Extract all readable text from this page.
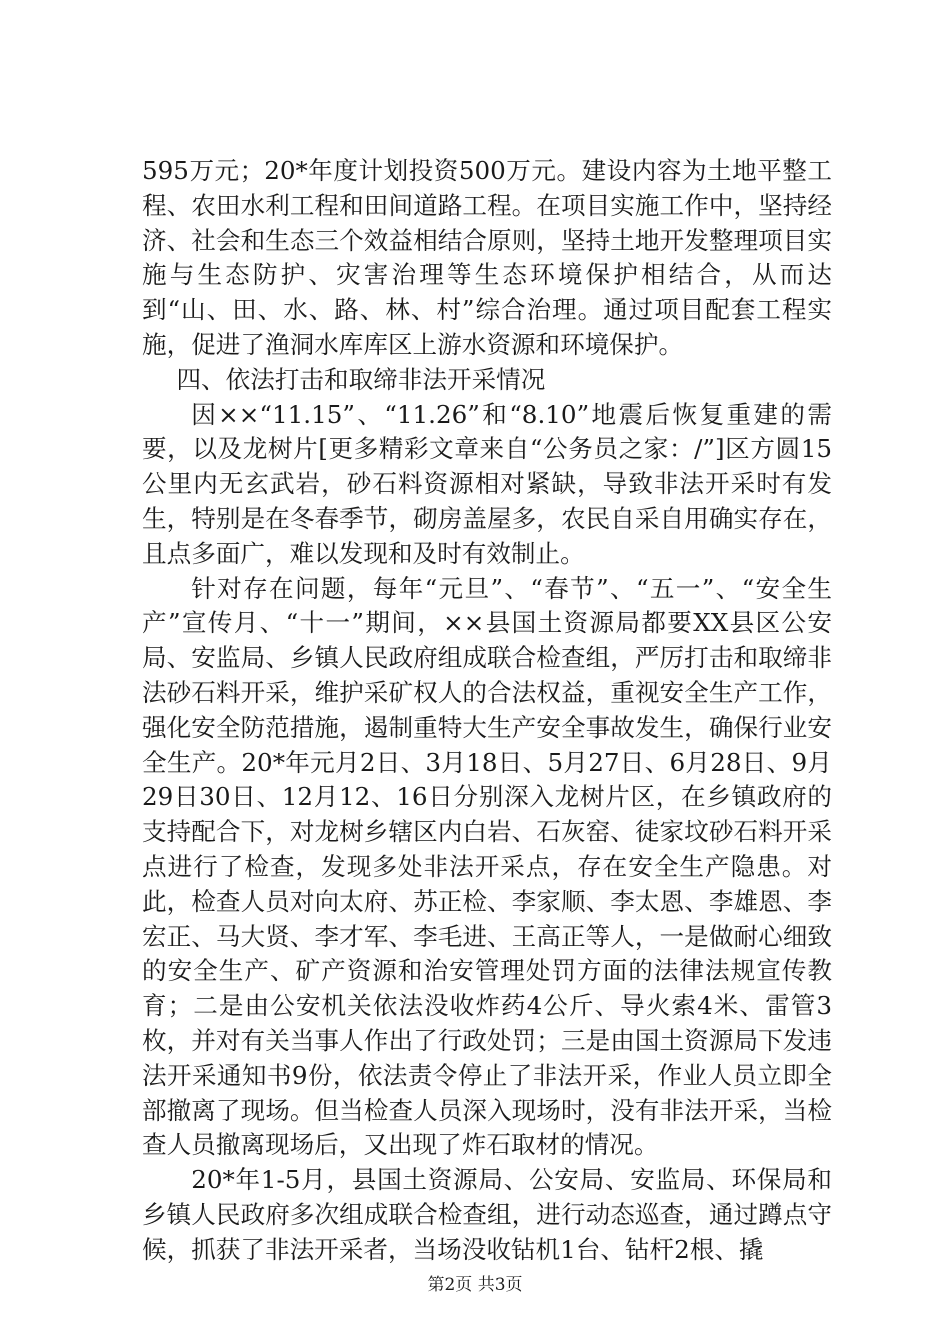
595万元；20*年度计划投资500万元。建设内容为土地平整工程、农田水利工程和田间道路工程。在项目实施工作中，坚持经济、社会和生态三个效益相结合原则，坚持土地开发整理项目实施与生态防护、灾害治理等生态环境保护相结合，从而达到“山、田、水、路、林、村”综合治理。通过项目配套工程实施，促进了渔洞水库库区上游水资源和环境保护。

四、依法打击和取缔非法开采情况

因××“11.15”、“11.26”和“8.10”地震后恢复重建的需要，以及龙树片[更多精彩文章来自“公务员之家：/”]区方圆15公里内无玄武岩，砂石料资源相对紧缺，导致非法开采时有发生，特别是在冬春季节，砌房盖屋多，农民自采自用确实存在，且点多面广，难以发现和及时有效制止。

针对存在问题，每年“元旦”、“春节”、“五一”、“安全生产”宣传月、“十一”期间，××县国土资源局都要XX县区公安局、安监局、乡镇人民政府组成联合检查组，严厉打击和取缔非法砂石料开采，维护采矿权人的合法权益，重视安全生产工作，强化安全防范措施，遏制重特大生产安全事故发生，确保行业安全生产。20*年元月2日、3月18日、5月27日、6月28日、9月29日30日、12月12、16日分别深入龙树片区，在乡镇政府的支持配合下，对龙树乡辖区内白岩、石灰窑、徒家坟砂石料开采点进行了检查，发现多处非法开采点，存在安全生产隐患。对此，检查人员对向太府、苏正检、李家顺、李太恩、李雄恩、李宏正、马大贤、李才军、李毛进、王高正等人，一是做耐心细致的安全生产、矿产资源和治安管理处罚方面的法律法规宣传教育；二是由公安机关依法没收炸药4公斤、导火索4米、雷管3枚，并对有关当事人作出了行政处罚；三是由国土资源局下发违法开采通知书9份，依法责令停止了非法开采，作业人员立即全部撤离了现场。但当检查人员深入现场时，没有非法开采，当检查人员撤离现场后，又出现了炸石取材的情况。

20*年1-5月，县国土资源局、公安局、安监局、环保局和乡镇人民政府多次组成联合检查组，进行动态巡查，通过蹲点守候，抓获了非法开采者，当场没收钻机1台、钻杆2根、撬

第2页 共3页
